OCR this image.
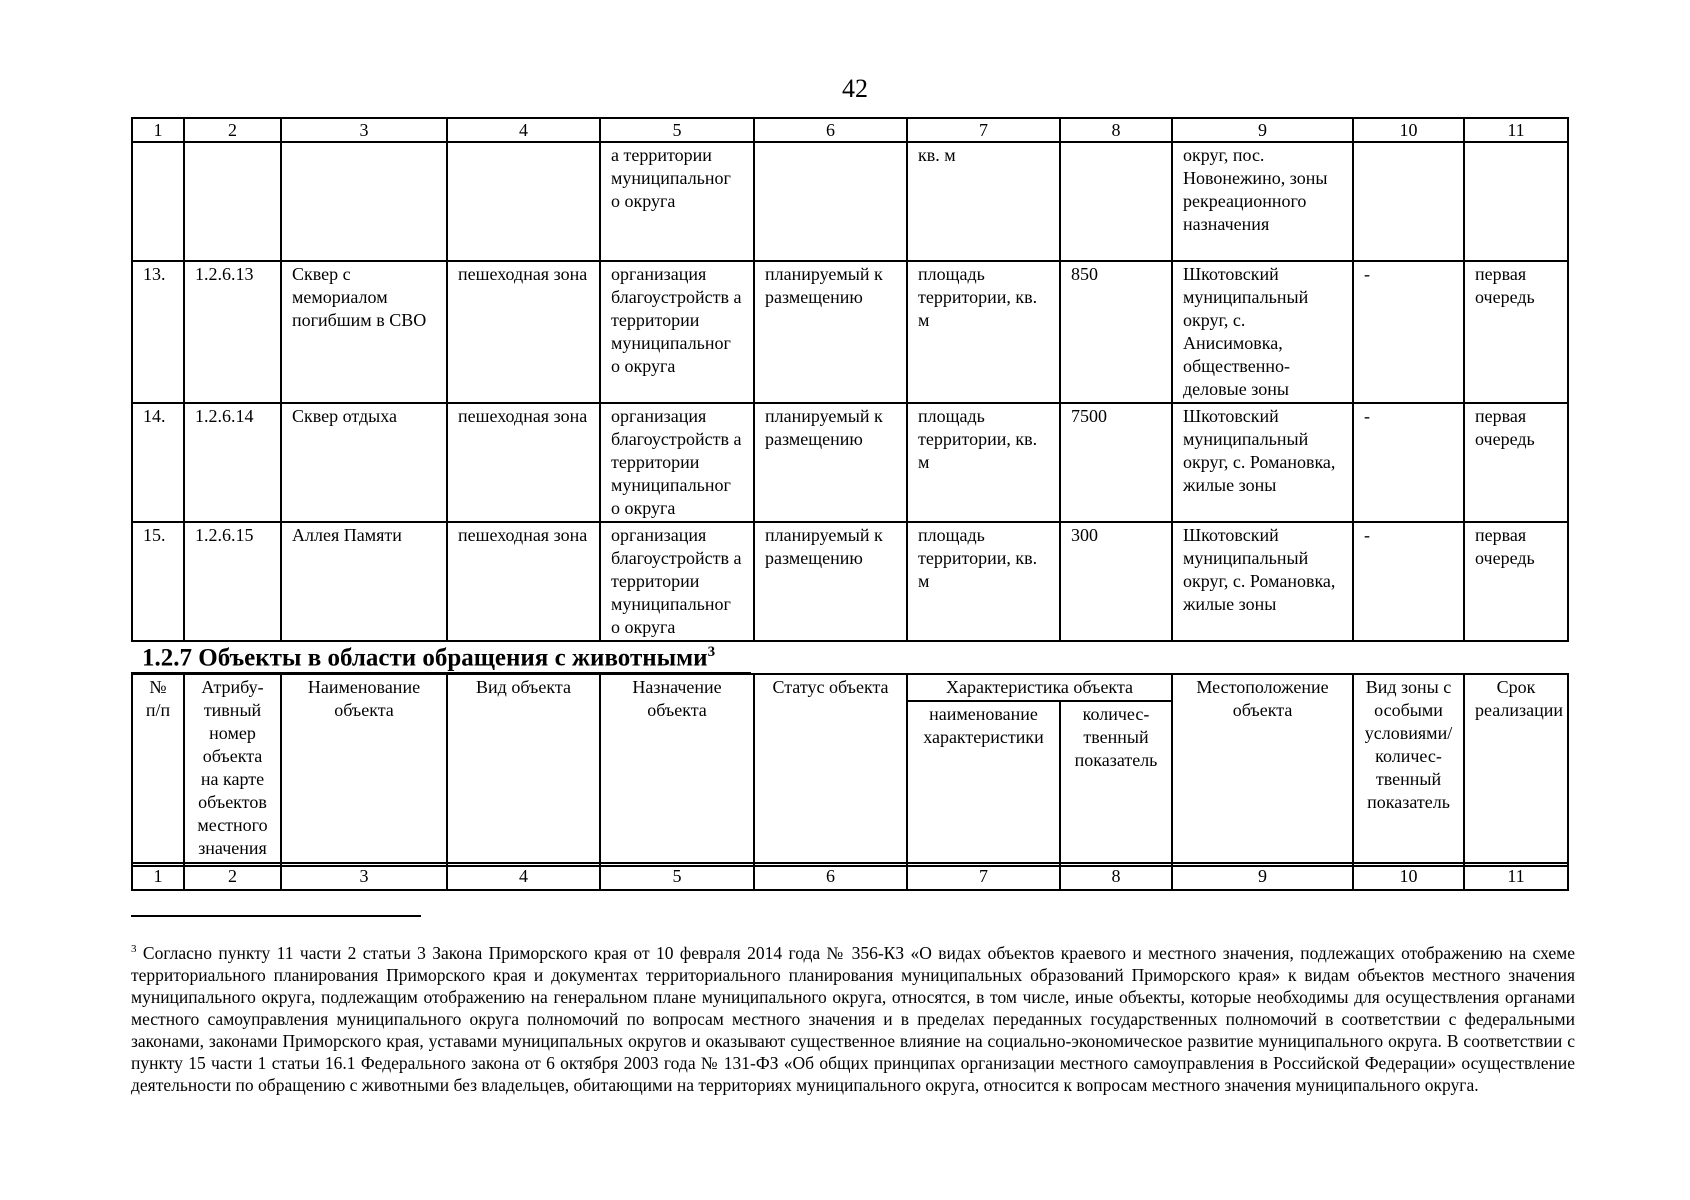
42
1	2	3	4	5	6	7	8	9	10	11
				а территории муниципальног о округа		кв. м		округ, пос. Новонежино, зоны рекреационного назначения		
13.	1.2.6.13	Сквер с мемориалом погибшим в СВО	пешеходная зона	организация благоустройств а территории муниципальног о округа	планируемый к размещению	площадь территории, кв. м	850	Шкотовский муниципальный округ, с. Анисимовка, общественно-деловые зоны	-	первая очередь
14.	1.2.6.14	Сквер отдыха	пешеходная зона	организация благоустройств а территории муниципальног о округа	планируемый к размещению	площадь территории, кв. м	7500	Шкотовский муниципальный округ, с. Романовка, жилые зоны	-	первая очередь
15.	1.2.6.15	Аллея Памяти	пешеходная зона	организация благоустройств а территории муниципальног о округа	планируемый к размещению	площадь территории, кв. м	300	Шкотовский муниципальный округ, с. Романовка, жилые зоны	-	первая очередь
1.2.7 Объекты в области обращения с животными$^3$
№ п/п	Атрибу-тивный номер объекта на карте объектов местного значения	Наименование объекта	Вид объекта	Назначение объекта	Статус объекта	Характеристика объекта		Местоположение объекта	Вид зоны с особыми условиями/ количес-твенный показатель	Срок реализации
						наименование характеристики	количес-твенный показатель			
1	2	3	4	5	6	7	8	9	10	11
$^3$ Согласно пункту 11 части 2 статьи 3 Закона Приморского края от 10 февраля 2014 года № 356-КЗ «О видах объектов краевого и местного значения, подлежащих отображению на схеме территориального планирования Приморского края и документах территориального планирования муниципальных образований Приморского края» к видам объектов местного значения муниципального округа, подлежащим отображению на генеральном плане муниципального округа, относятся, в том числе, иные объекты, которые необходимы для осуществления органами местного самоуправления муниципального округа полномочий по вопросам местного значения и в пределах переданных государственных полномочий в соответствии с федеральными законами, законами Приморского края, уставами муниципальных округов и оказывают существенное влияние на социально-экономическое развитие муниципального округа. В соответствии с пункту 15 части 1 статьи 16.1 Федерального закона от 6 октября 2003 года № 131-ФЗ «Об общих принципах организации местного самоуправления в Российской Федерации» осуществление деятельности по обращению с животными без владельцев, обитающими на территориях муниципального округа, относится к вопросам местного значения муниципального округа.
